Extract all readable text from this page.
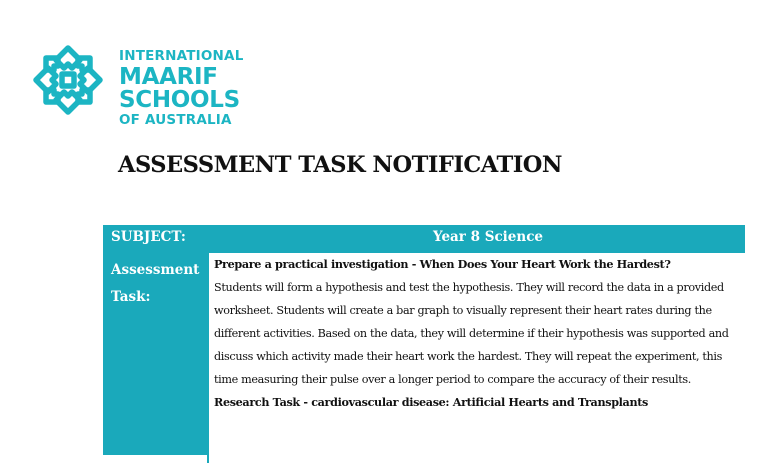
INTERNATIONAL
MAARIF SCHOOLS
OF AUSTRALIA
ASSESSMENT TASK NOTIFICATION
SUBJECT:	Year 8 Science
Assessment
Task:

Prepare a practical investigation - When Does Your Heart Work the Hardest?

Students will form a hypothesis and test the hypothesis. They will record the data in a provided worksheet. Students will create a bar graph to visually represent their heart rates during the different activities. Based on the data, they will determine if their hypothesis was supported and discuss which activity made their heart work the hardest. They will repeat the experiment, this time measuring their pulse over a longer period to compare the accuracy of their results.

Research Task - cardiovascular disease: Artificial Hearts and Transplants
